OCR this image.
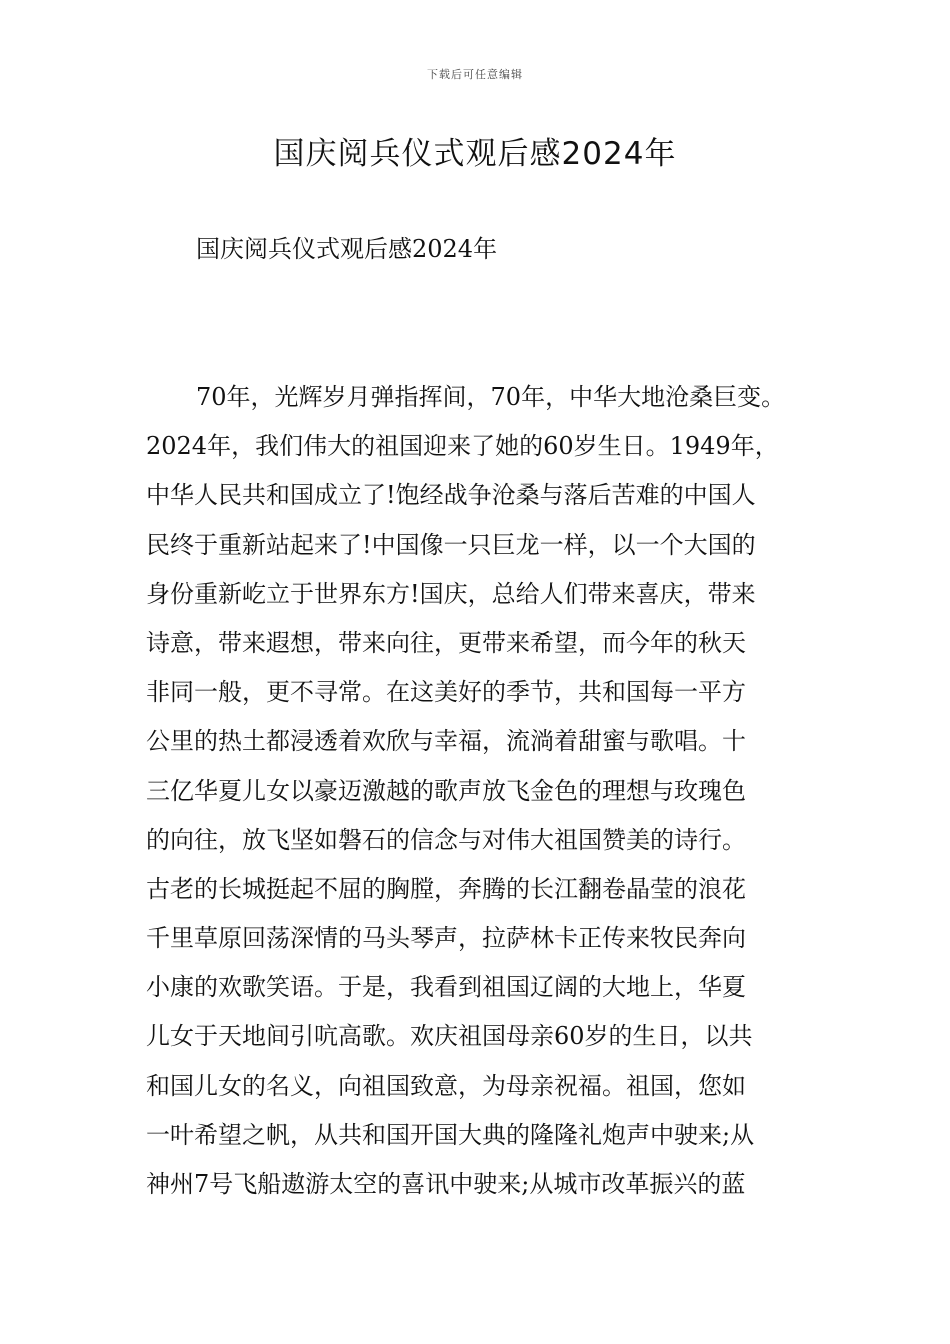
下载后可任意编辑
国庆阅兵仪式观后感2024年

国庆阅兵仪式观后感2024年

70年，光辉岁月弹指挥间，70年，中华大地沧桑巨变。

2024年，我们伟大的祖国迎来了她的60岁生日。1949年，

中华人民共和国成立了!饱经战争沧桑与落后苦难的中国人

民终于重新站起来了!中国像一只巨龙一样，以一个大国的

身份重新屹立于世界东方!国庆，总给人们带来喜庆，带来

诗意，带来遐想，带来向往，更带来希望，而今年的秋天

非同一般，更不寻常。在这美好的季节，共和国每一平方

公里的热土都浸透着欢欣与幸福，流淌着甜蜜与歌唱。十

三亿华夏儿女以豪迈激越的歌声放飞金色的理想与玫瑰色

的向往，放飞坚如磐石的信念与对伟大祖国赞美的诗行。

古老的长城挺起不屈的胸膛，奔腾的长江翻卷晶莹的浪花

千里草原回荡深情的马头琴声，拉萨林卡正传来牧民奔向

小康的欢歌笑语。于是，我看到祖国辽阔的大地上，华夏

儿女于天地间引吭高歌。欢庆祖国母亲60岁的生日，以共

和国儿女的名义，向祖国致意，为母亲祝福。祖国，您如

一叶希望之帆，从共和国开国大典的隆隆礼炮声中驶来;从

神州7号飞船遨游太空的喜讯中驶来;从城市改革振兴的蓝
